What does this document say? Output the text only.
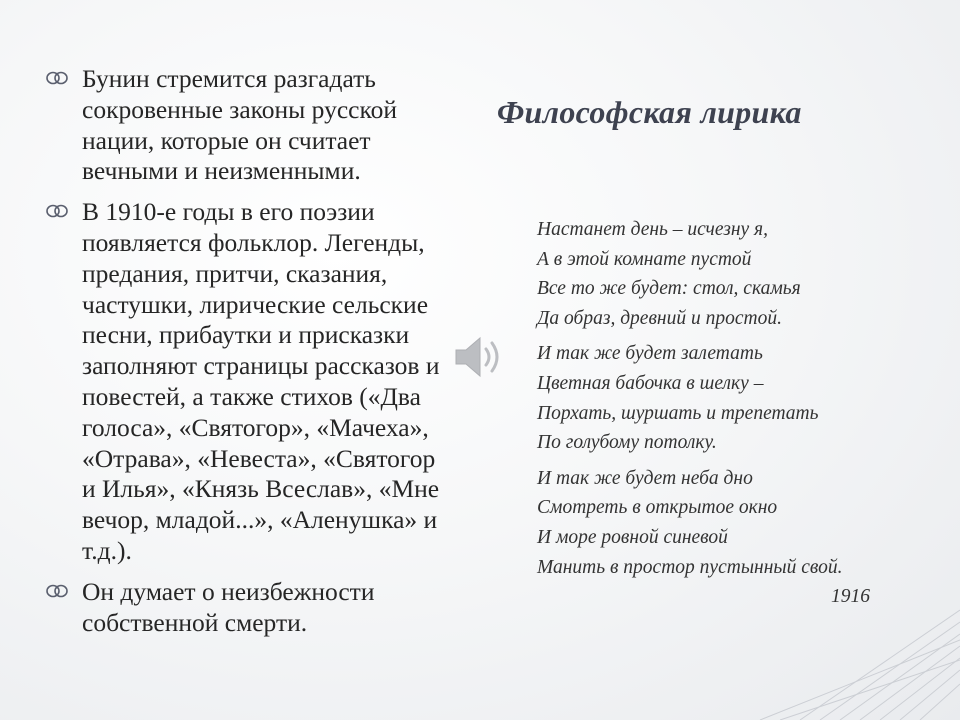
Бунин стремится разгадать
сокровенные законы русской
нации, которые он считает
вечными и неизменными.
В 1910-е годы в его поэзии
появляется фольклор. Легенды,
предания, притчи, сказания,
частушки, лирические сельские
песни, прибаутки и присказки
заполняют страницы рассказов и
повестей, а также стихов («Два
голоса», «Святогор», «Мачеха»,
«Отрава», «Невеста», «Святогор
и Илья», «Князь Всеслав», «Мне
вечор, младой...», «Аленушка» и
т.д.).
Он думает о неизбежности
собственной смерти.
Философская лирика
Настанет день – исчезну я,
А в этой комнате пустой
Все то же будет: стол, скамья
Да образ, древний и простой.
И так же будет залетать
Цветная бабочка в шелку –
Порхать, шуршать и трепетать
По голубому потолку.
И так же будет неба дно
Смотреть в открытое окно
И море ровной синевой
Манить в простор пустынный свой.
1916
